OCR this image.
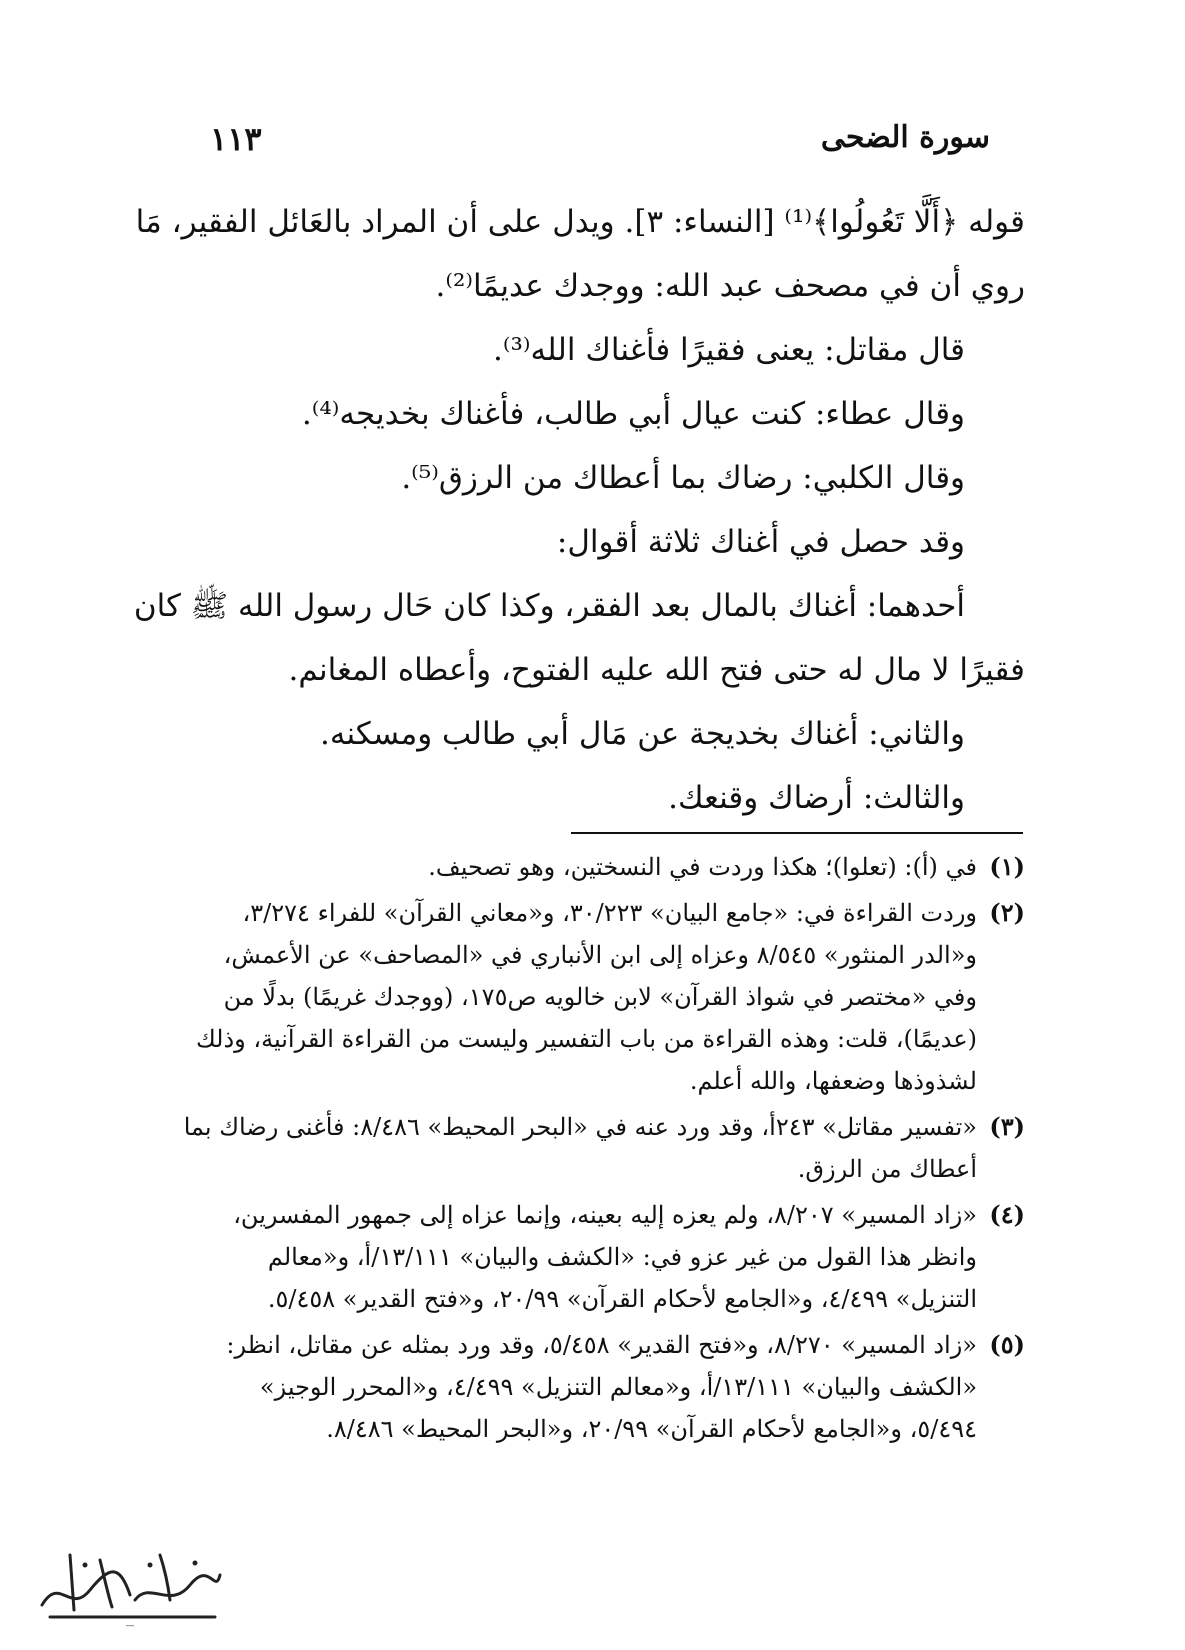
سورة الضحى
١١٣
قوله ﴿أَلَّا تَعُولُوا﴾⁽¹⁾ [النساء: ٣]. ويدل على أن المراد بالعَائل الفقير، مَا
روي أن في مصحف عبد الله: ووجدك عديمًا⁽²⁾.
قال مقاتل: يعنى فقيرًا فأغناك الله⁽³⁾.
وقال عطاء: كنت عيال أبي طالب، فأغناك بخديجه⁽⁴⁾.
وقال الكلبي: رضاك بما أعطاك من الرزق⁽⁵⁾.
وقد حصل في أغناك ثلاثة أقوال:
أحدهما: أغناك بالمال بعد الفقر، وكذا كان حَال رسول الله ﷺ كان
فقيرًا لا مال له حتى فتح الله عليه الفتوح، وأعطاه المغانم.
والثاني: أغناك بخديجة عن مَال أبي طالب ومسكنه.
والثالث: أرضاك وقنعك.
(١)
في (أ): (تعلوا)؛ هكذا وردت في النسختين، وهو تصحيف.
(٢)
وردت القراءة في: «جامع البيان» ٣٠/٢٢٣، و«معاني القرآن» للفراء ٣/٢٧٤،
و«الدر المنثور» ٨/٥٤٥ وعزاه إلى ابن الأنباري في «المصاحف» عن الأعمش،
وفي «مختصر في شواذ القرآن» لابن خالويه ص١٧٥، (ووجدك غريمًا) بدلًا من
(عديمًا)، قلت: وهذه القراءة من باب التفسير وليست من القراءة القرآنية، وذلك
لشذوذها وضعفها، والله أعلم.
(٣)
«تفسير مقاتل» ٢٤٣أ، وقد ورد عنه في «البحر المحيط» ٨/٤٨٦: فأغنى رضاك بما
أعطاك من الرزق.
(٤)
«زاد المسير» ٨/٢٠٧، ولم يعزه إليه بعينه، وإنما عزاه إلى جمهور المفسرين،
وانظر هذا القول من غير عزو في: «الكشف والبيان» ١٣/١١١/أ، و«معالم
التنزيل» ٤/٤٩٩، و«الجامع لأحكام القرآن» ٢٠/٩٩، و«فتح القدير» ٥/٤٥٨.
(٥)
«زاد المسير» ٨/٢٧٠، و«فتح القدير» ٥/٤٥٨، وقد ورد بمثله عن مقاتل، انظر:
«الكشف والبيان» ١٣/١١١/أ، و«معالم التنزيل» ٤/٤٩٩، و«المحرر الوجيز»
٥/٤٩٤، و«الجامع لأحكام القرآن» ٢٠/٩٩، و«البحر المحيط» ٨/٤٨٦.
—
